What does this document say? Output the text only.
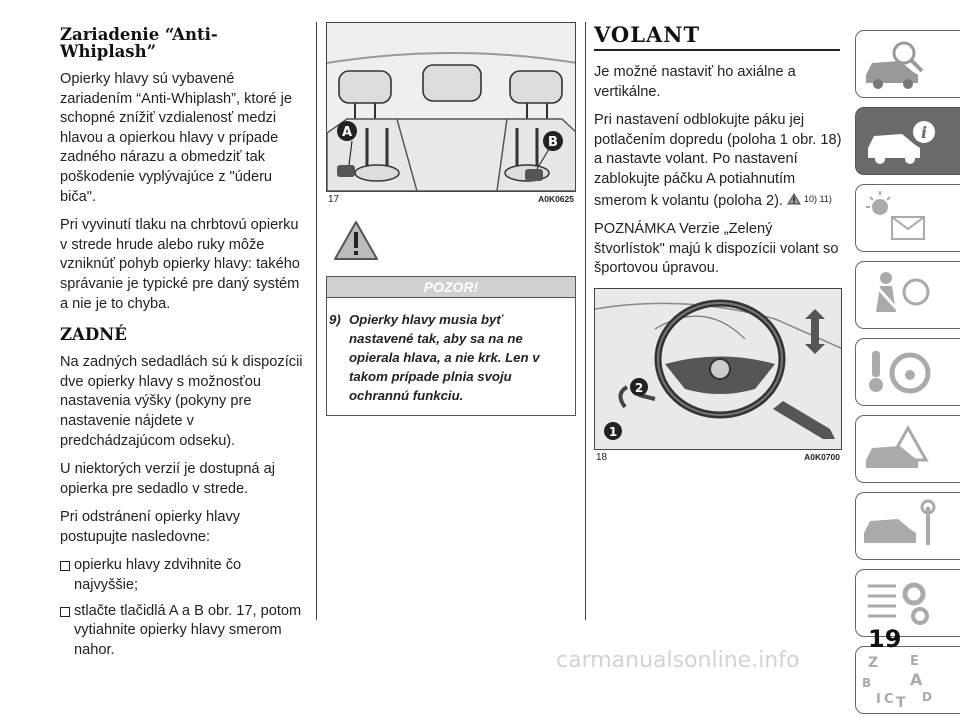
Zariadenie “Anti-Whiplash”

Opierky hlavy sú vybavené zariadením “Anti-Whiplash”, ktoré je schopné znížiť vzdialenosť medzi hlavou a opierkou hlavy v prípade zadného nárazu a obmedziť tak poškodenie vyplývajúce z "úderu biča".

Pri vyvinutí tlaku na chrbtovú opierku v strede hrude alebo ruky môže vzniknúť pohyb opierky hlavy: takého správanie je typické pre daný systém a nie je to chyba.

ZADNÉ

Na zadných sedadlách sú k dispozícii dve opierky hlavy s možnosťou nastavenia výšky (pokyny pre nastavenie nájdete v predchádzajúcom odseku).

U niektorých verzií je dostupná aj opierka pre sedadlo v strede.

Pri odstránení opierky hlavy postupujte nasledovne:

opierku hlavy zdvihnite čo najvyššie;

stlačte tlačidlá A a B obr. 17, potom vytiahnite opierky hlavy smerom nahor.

A
B
17	A0K0625
POZOR!
9) Opierky hlavy musia byť nastavené tak, aby sa na ne opierala hlava, a nie krk. Len v takom prípade plnia svoju ochrannú funkciu.
VOLANT

Je možné nastaviť ho axiálne a vertikálne.

Pri nastavení odblokujte páku jej potlačením dopredu (poloha 1 obr. 18) a nastavte volant. Po nastavení zablokujte páčku A potiahnutím smerom k volantu (poloha 2). $^{10) 11)}$

POZNÁMKA Verzie „Zelený štvorlístok" majú k dispozícii volant so športovou úpravou.

2
1
18	A0K0700
i
Z E
B A
I C T D
19
carmanualsonline.info
